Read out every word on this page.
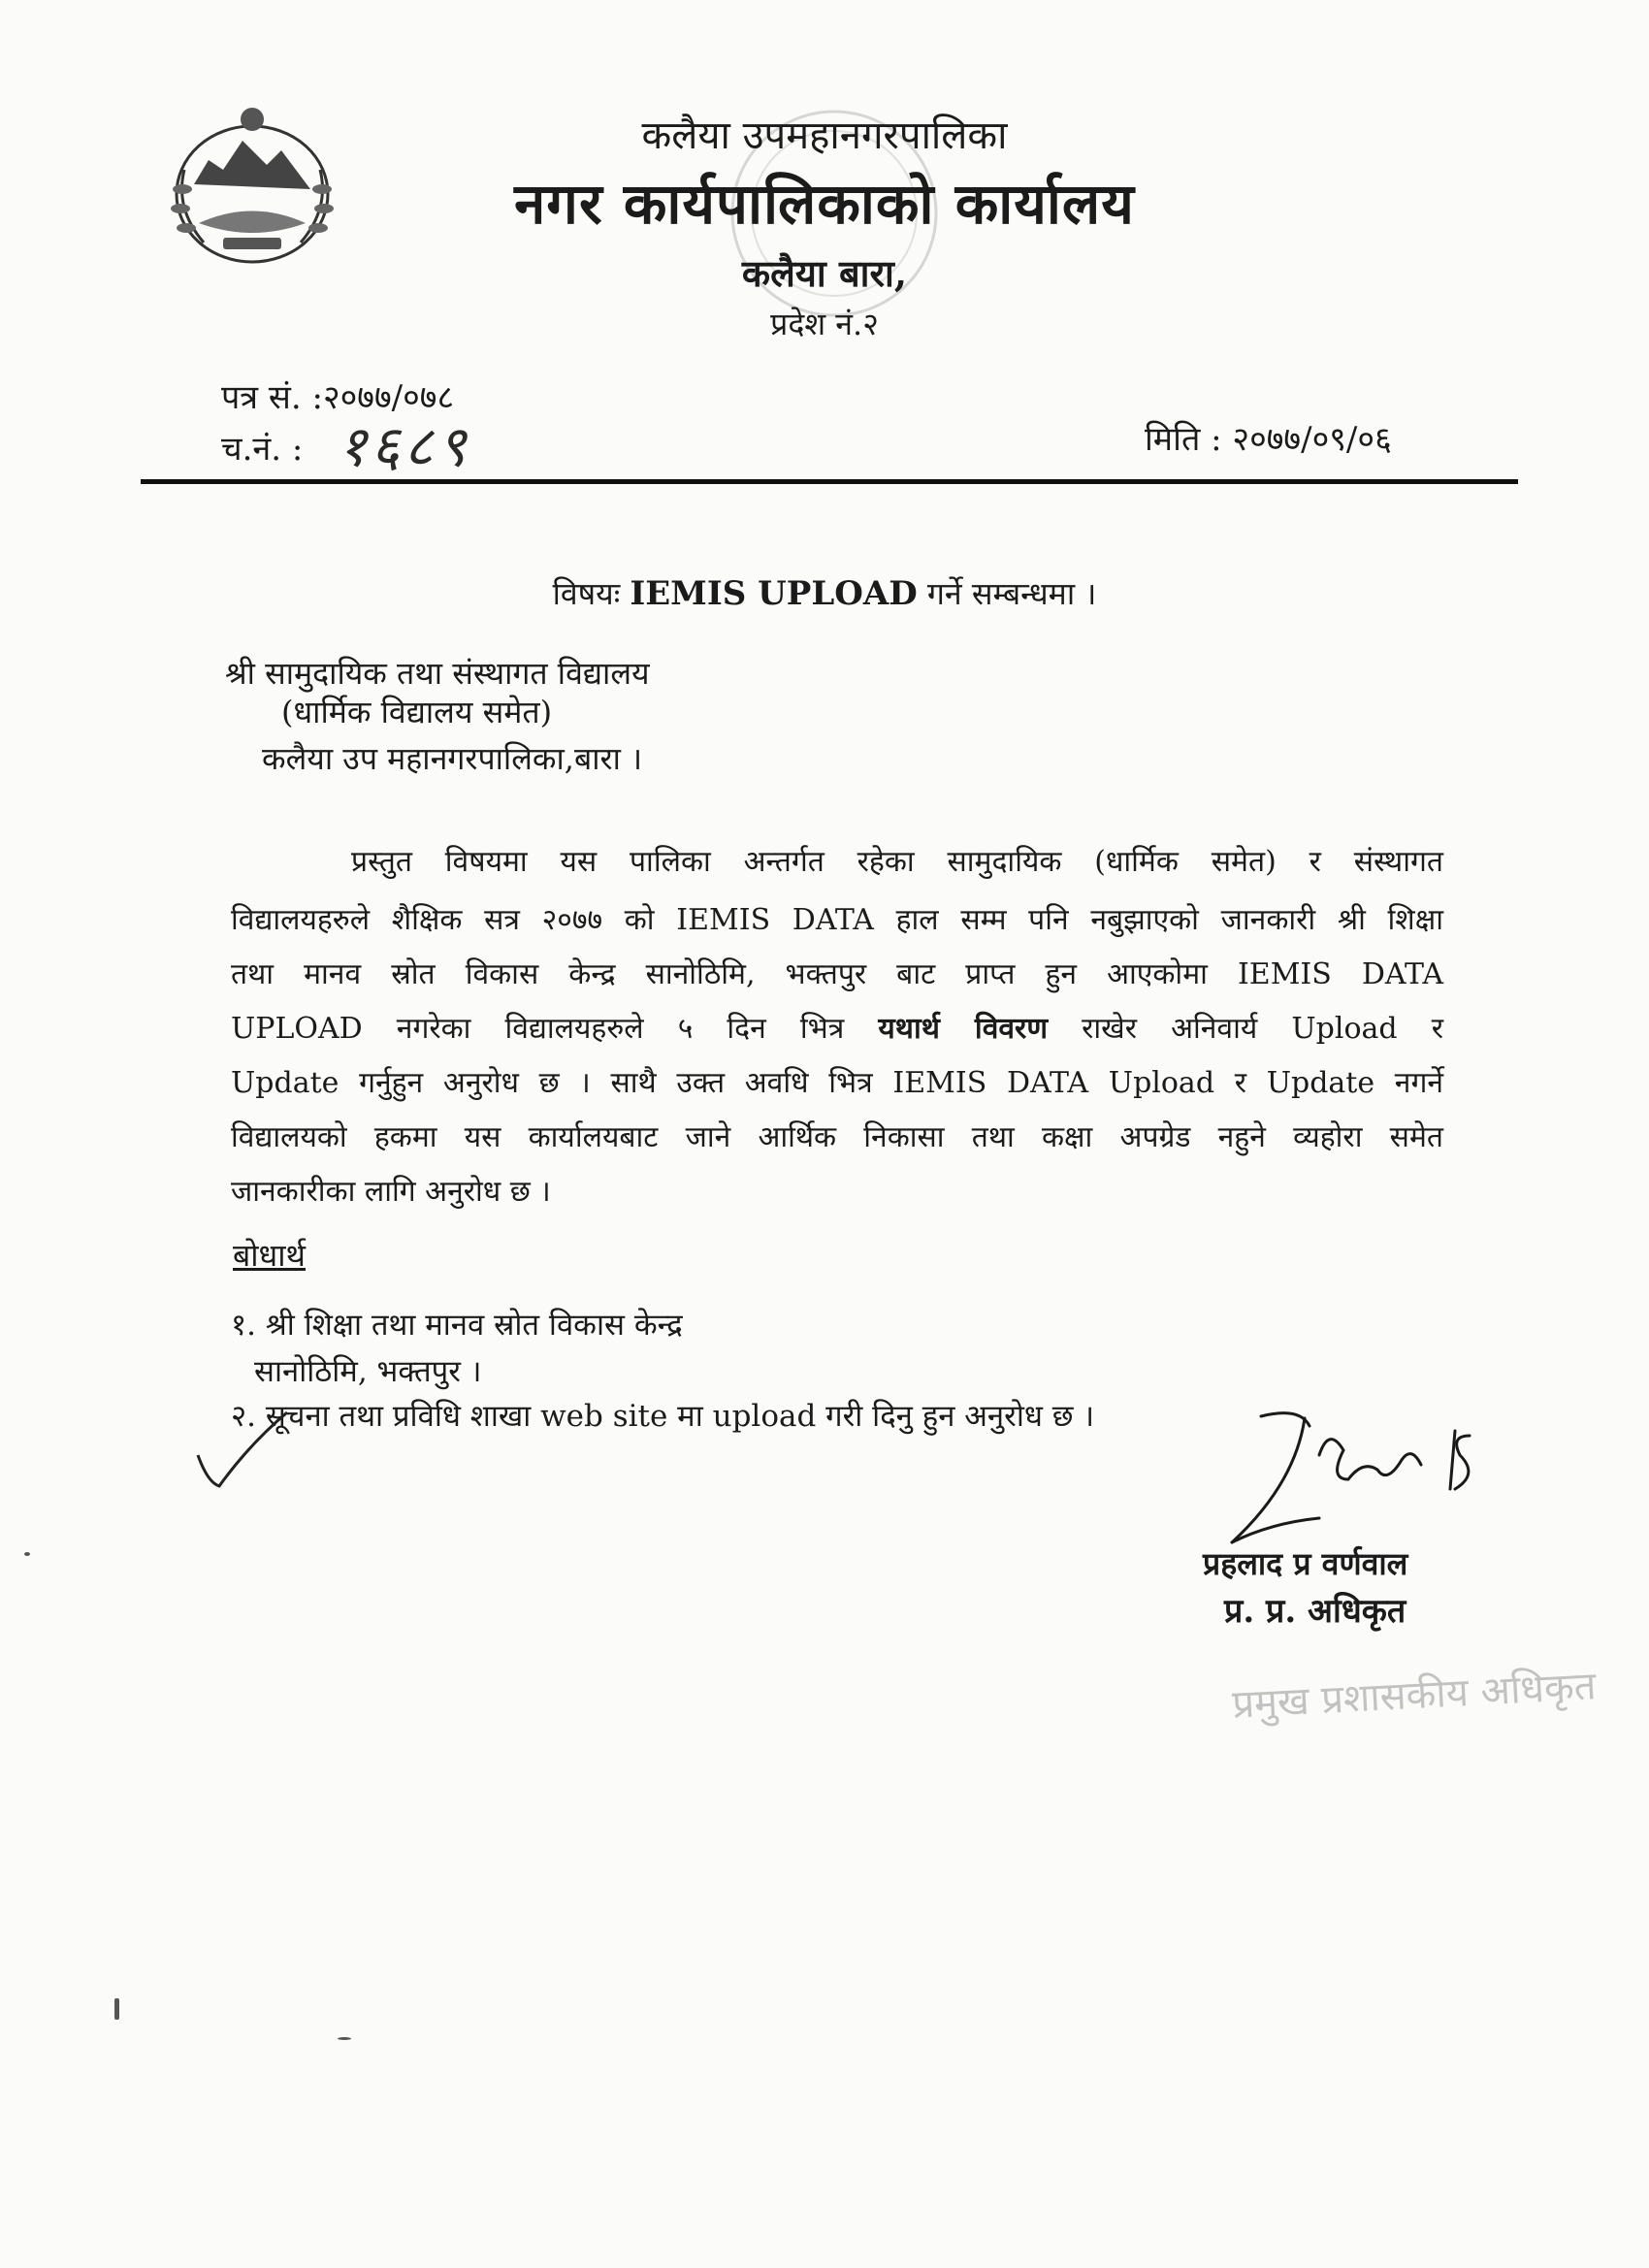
कलैया उपमहानगरपालिका
नगर कार्यपालिकाको कार्यालय
कलैया बारा,
प्रदेश नं.२
पत्र सं. :२०७७/०७८
च.नं. : १६८९	मिति : २०७७/०९/०६
विषयः IEMIS UPLOAD गर्ने सम्बन्धमा ।
श्री सामुदायिक तथा संस्थागत विद्यालय
(धार्मिक विद्यालय समेत)
कलैया उप महानगरपालिका,बारा ।
प्रस्तुत विषयमा यस पालिका अन्तर्गत रहेका सामुदायिक (धार्मिक समेत) र संस्थागत
विद्यालयहरुले शैक्षिक सत्र २०७७ को IEMIS DATA हाल सम्म पनि नबुझाएको जानकारी श्री शिक्षा
तथा मानव स्रोत विकास केन्द्र सानोठिमि, भक्तपुर बाट प्राप्त हुन आएकोमा IEMIS DATA
UPLOAD नगरेका विद्यालयहरुले ५ दिन भित्र यथार्थ विवरण राखेर अनिवार्य Upload र
Update गर्नुहुन अनुरोध छ । साथै उक्त अवधि भित्र IEMIS DATA Upload र Update नगर्ने
विद्यालयको हकमा यस कार्यालयबाट जाने आर्थिक निकासा तथा कक्षा अपग्रेड नहुने व्यहोरा समेत
जानकारीका लागि अनुरोध छ ।
बोधार्थ
१. श्री शिक्षा तथा मानव स्रोत विकास केन्द्र
सानोठिमि, भक्तपुर ।
२. सूचना तथा प्रविधि शाखा web site मा upload गरी दिनु हुन अनुरोध छ ।
प्रहलाद प्र वर्णवाल
प्र. प्र. अधिकृत
प्रमुख प्रशासकीय अधिकृत
